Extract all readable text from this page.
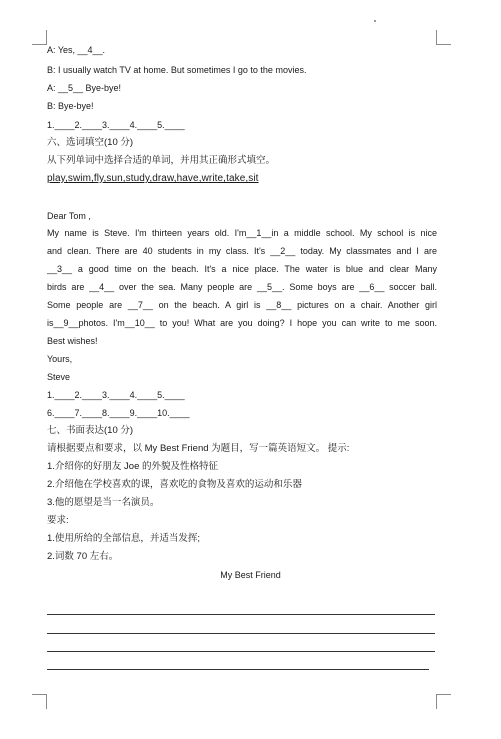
A: Yes, __4__.
B: I usually watch TV at home. But sometimes I go to the movies.
A: __5__ Bye-bye!
B: Bye-bye!
1.____2.____3.____4.____5.____
六、选词填空(10 分)
从下列单词中选择合适的单词，并用其正确形式填空。
play,swim,fly,sun,study,draw,have,write,take,sit
Dear Tom ,
My name is Steve. I'm thirteen years old. I'm__1__in a middle school. My school is nice
and clean. There are 40 students in my class. It's __2__ today. My classmates and I are
__3__ a good time on the beach. It's a nice place. The water is blue and clear Many
birds are __4__ over the sea. Many people are __5__. Some boys are __6__ soccer ball.
Some people are __7__ on the beach. A girl is __8__ pictures on a chair. Another girl
is__9__photos. I'm__10__ to you! What are you doing? I hope you can write to me soon.
Best wishes!
Yours,
Steve
1.____2.____3.____4.____5.____
6.____7.____8.____9.____10.____
七、书面表达(10 分)
请根据要点和要求，以 My Best Friend 为题目，写一篇英语短文。 提示:
1.介绍你的好朋友 Joe 的外貌及性格特征
2.介绍他在学校喜欢的课，喜欢吃的食物及喜欢的运动和乐器
3.他的愿望是当一名演员。
要求:
1.使用所给的全部信息，并适当发挥;
2.词数 70 左右。
My Best Friend
